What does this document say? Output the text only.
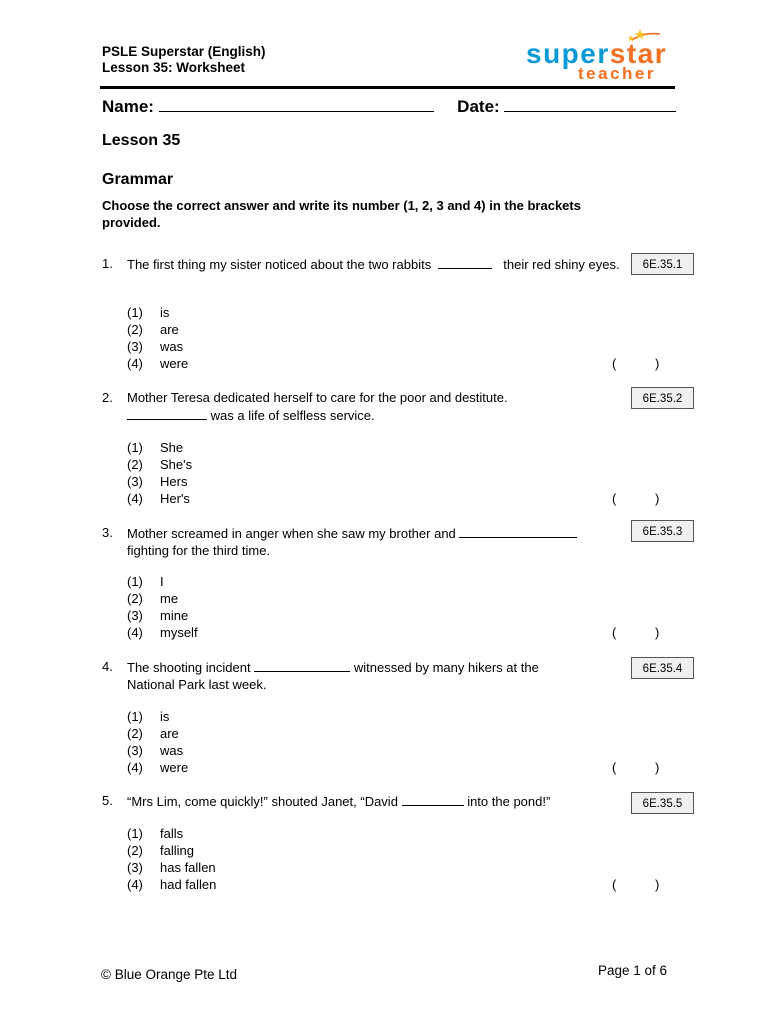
PSLE Superstar (English)
Lesson 35: Worksheet	superstar
teacher
Name:	Date:
Lesson 35
Grammar
Choose the correct answer and write its number (1, 2, 3 and 4) in the brackets provided.
1. The first thing my sister noticed about the two rabbits	their red shiny eyes.	6E.35.1
(1) is
(2) are
(3) was
(4) were	(	)
2. Mother Teresa dedicated herself to care for the poor and destitute.
was a life of selfless service.
6E.35.2
(1) She
(2) She's
(3) Hers
(4) Her's	(	)
3. Mother screamed in anger when she saw my brother and
fighting for the third time.
6E.35.3
(1) I
(2) me
(3) mine
(4) myself	(	)
4. The shooting incident	witnessed by many hikers at the National Park last week.
6E.35.4
(1) is
(2) are
(3) was
(4) were	(	)
5. “Mrs Lim, come quickly!” shouted Janet, “David	into the pond!”	6E.35.5
(1) falls
(2) falling
(3) has fallen
(4) had fallen	(	)
© Blue Orange Pte Ltd	Page 1 of 6
